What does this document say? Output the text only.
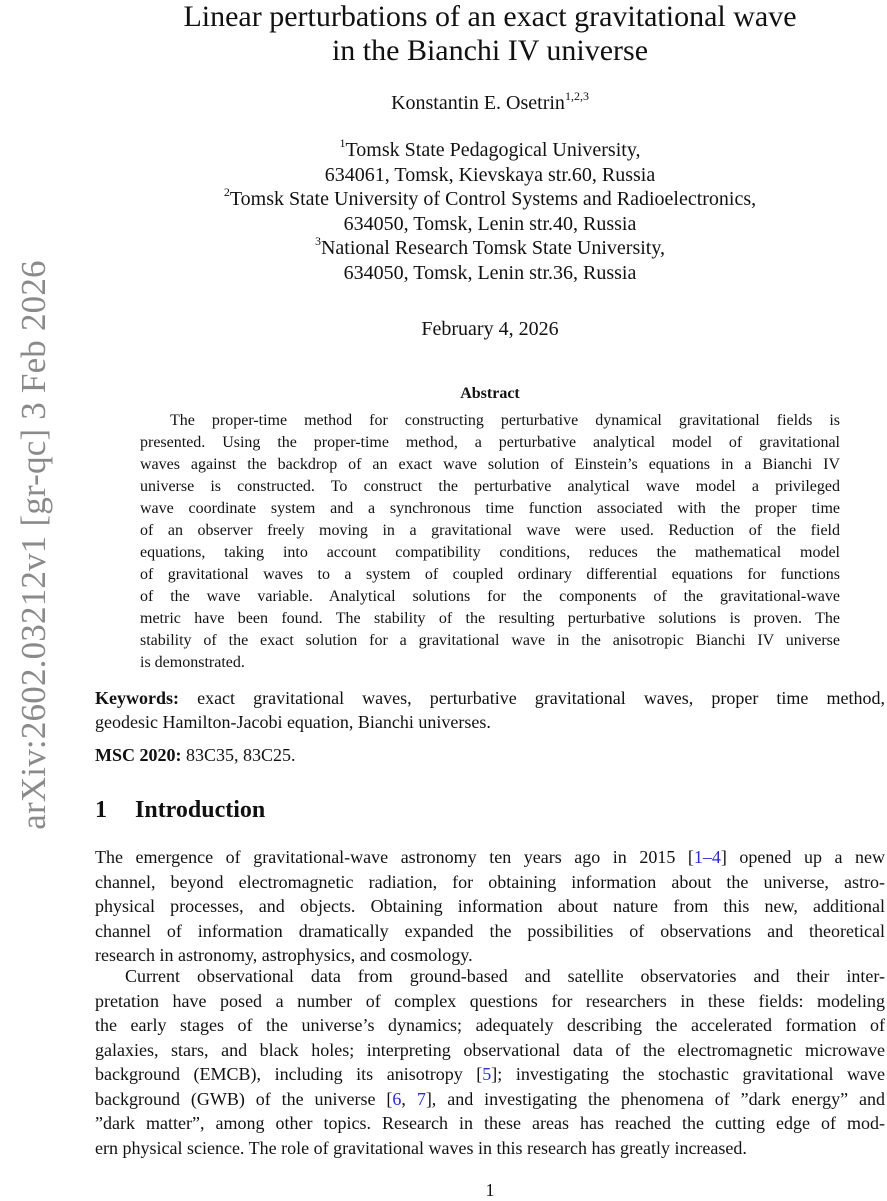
arXiv:2602.03212v1 [gr-qc] 3 Feb 2026
Linear perturbations of an exact gravitational wave
in the Bianchi IV universe
Konstantin E. Osetrin$^{1,2,3}$
$^1$Tomsk State Pedagogical University,
634061, Tomsk, Kievskaya str.60, Russia
$^2$Tomsk State University of Control Systems and Radioelectronics,
634050, Tomsk, Lenin str.40, Russia
$^3$National Research Tomsk State University,
634050, Tomsk, Lenin str.36, Russia
February 4, 2026
Abstract
The proper-time method for constructing perturbative dynamical gravitational fields is
presented. Using the proper-time method, a perturbative analytical model of gravitational
waves against the backdrop of an exact wave solution of Einstein’s equations in a Bianchi IV
universe is constructed. To construct the perturbative analytical wave model a privileged
wave coordinate system and a synchronous time function associated with the proper time
of an observer freely moving in a gravitational wave were used. Reduction of the field
equations, taking into account compatibility conditions, reduces the mathematical model
of gravitational waves to a system of coupled ordinary differential equations for functions
of the wave variable. Analytical solutions for the components of the gravitational-wave
metric have been found. The stability of the resulting perturbative solutions is proven. The
stability of the exact solution for a gravitational wave in the anisotropic Bianchi IV universe
is demonstrated.
Keywords: exact gravitational waves, perturbative gravitational waves, proper time method,
geodesic Hamilton-Jacobi equation, Bianchi universes.
MSC 2020: 83C35, 83C25.
1 Introduction
The emergence of gravitational-wave astronomy ten years ago in 2015 [1–4] opened up a new
channel, beyond electromagnetic radiation, for obtaining information about the universe, astro-
physical processes, and objects. Obtaining information about nature from this new, additional
channel of information dramatically expanded the possibilities of observations and theoretical
research in astronomy, astrophysics, and cosmology.
Current observational data from ground-based and satellite observatories and their inter-
pretation have posed a number of complex questions for researchers in these fields: modeling
the early stages of the universe’s dynamics; adequately describing the accelerated formation of
galaxies, stars, and black holes; interpreting observational data of the electromagnetic microwave
background (EMCB), including its anisotropy [5]; investigating the stochastic gravitational wave
background (GWB) of the universe [6, 7], and investigating the phenomena of ”dark energy” and
”dark matter”, among other topics. Research in these areas has reached the cutting edge of mod-
ern physical science. The role of gravitational waves in this research has greatly increased.
1
